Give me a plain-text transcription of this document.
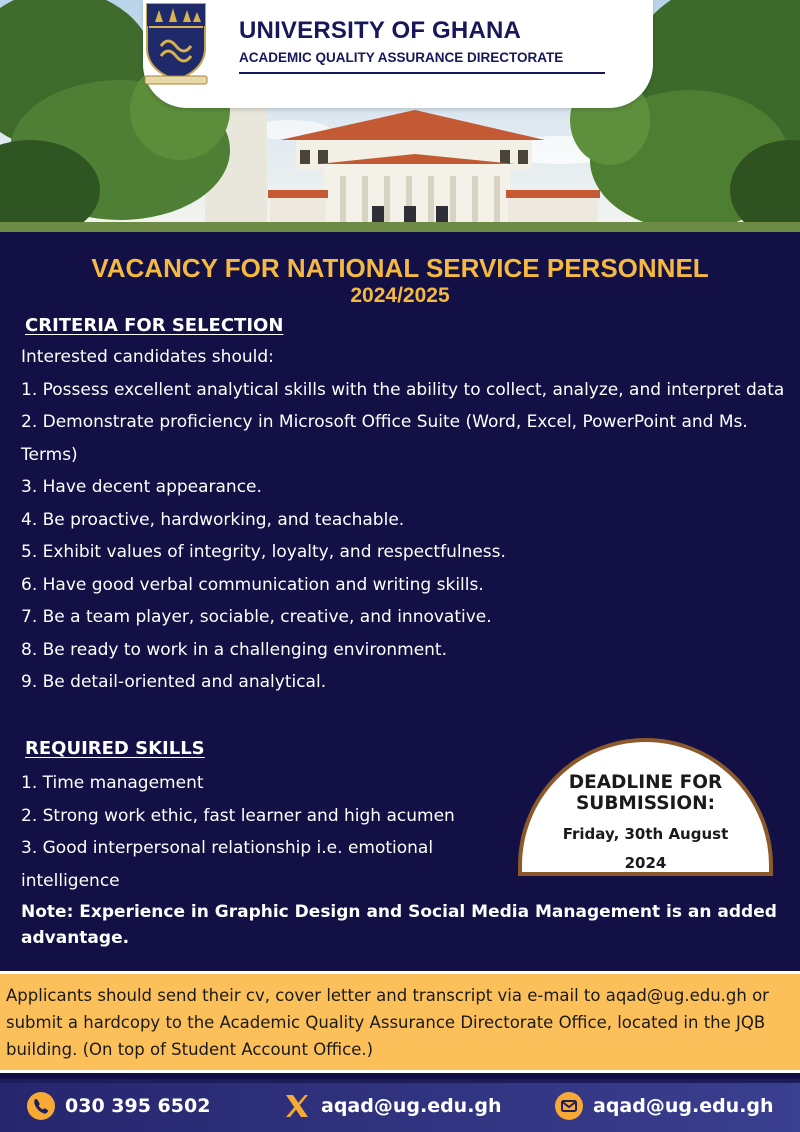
UNIVERSITY OF GHANA
ACADEMIC QUALITY ASSURANCE DIRECTORATE
VACANCY FOR NATIONAL SERVICE PERSONNEL
2024/2025
CRITERIA FOR SELECTION

Interested candidates should:

1. Possess excellent analytical skills with the ability to collect, analyze, and interpret data

2. Demonstrate proficiency in Microsoft Office Suite (Word, Excel, PowerPoint and Ms. Terms)

3. Have decent appearance.

4. Be proactive, hardworking, and teachable.

5. Exhibit values of integrity, loyalty, and respectfulness.

6. Have good verbal communication and writing skills.

7. Be a team player, sociable, creative, and innovative.

8. Be ready to work in a challenging environment.

9. Be detail-oriented and analytical.

REQUIRED SKILLS

1. Time management

2. Strong work ethic, fast learner and high acumen

3. Good interpersonal relationship i.e. emotional intelligence

DEADLINE FOR SUBMISSION:
Friday, 30th August
2024
Note: Experience in Graphic Design and Social Media Management is an added advantage.
Applicants should send their cv, cover letter and transcript via e-mail to aqad@ug.edu.gh or submit a hardcopy to the Academic Quality Assurance Directorate Office, located in the JQB building. (On top of Student Account Office.)
030 395 6502	aqad@ug.edu.gh	aqad@ug.edu.gh
